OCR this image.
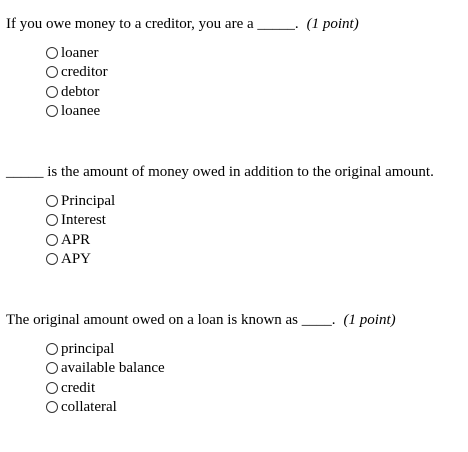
If you owe money to a creditor, you are a _____. (1 point)
loaner
creditor
debtor
loanee
_____ is the amount of money owed in addition to the original amount.
Principal
Interest
APR
APY
The original amount owed on a loan is known as ____. (1 point)
principal
available balance
credit
collateral
